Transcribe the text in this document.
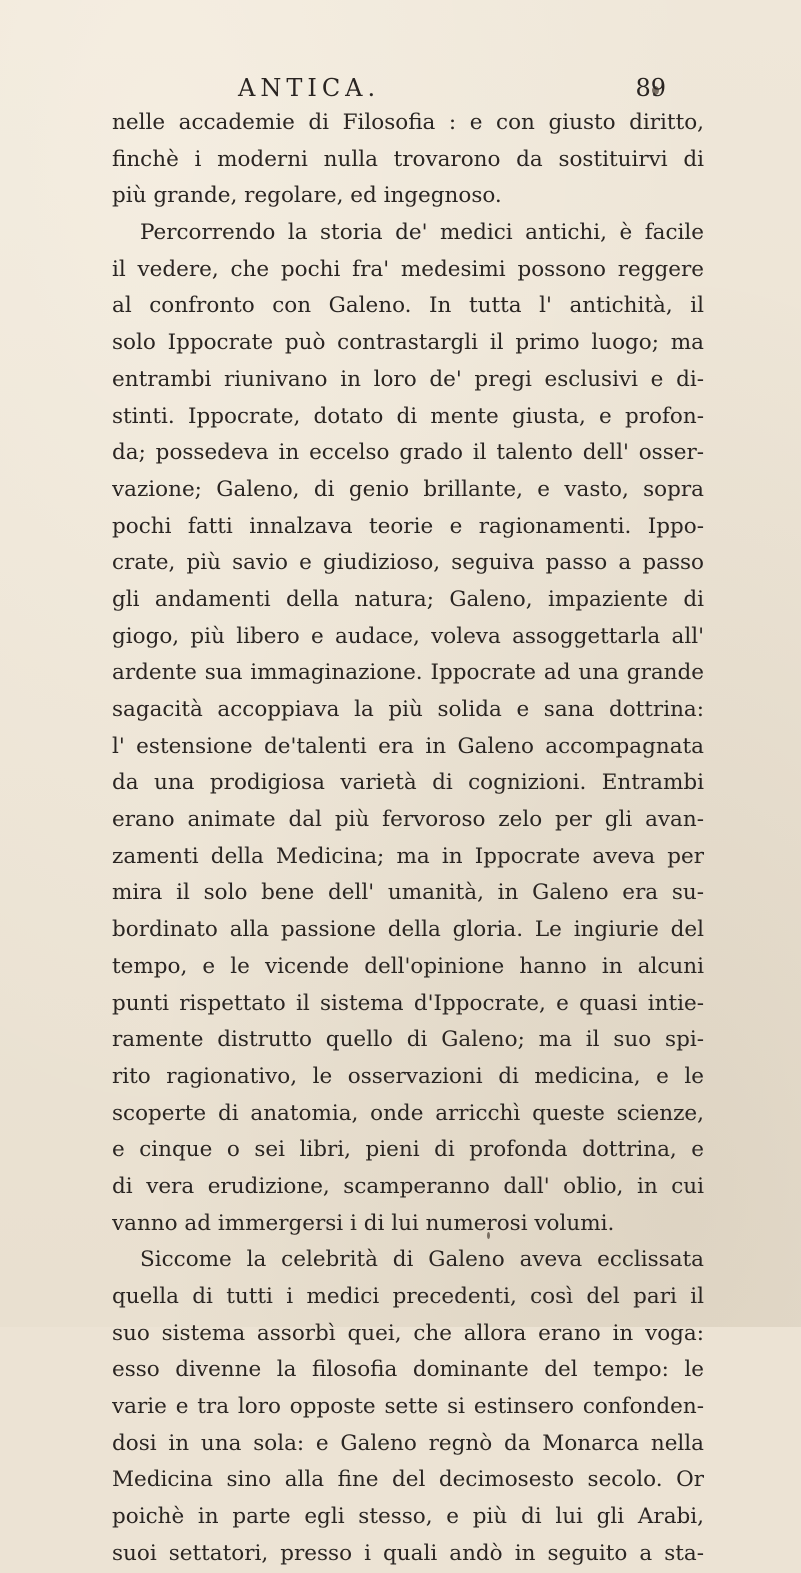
ANTICA.	89
nelle accademie di Filosofia : e con giusto diritto,
finchè i moderni nulla trovarono da sostituirvi di
più grande, regolare, ed ingegnoso.
Percorrendo la storia de' medici antichi, è facile
il vedere, che pochi fra' medesimi possono reggere
al confronto con Galeno. In tutta l' antichità, il
solo Ippocrate può contrastargli il primo luogo; ma
entrambi riunivano in loro de' pregi esclusivi e di-
stinti. Ippocrate, dotato di mente giusta, e profon-
da; possedeva in eccelso grado il talento dell' osser-
vazione; Galeno, di genio brillante, e vasto, sopra
pochi fatti innalzava teorie e ragionamenti. Ippo-
crate, più savio e giudizioso, seguiva passo a passo
gli andamenti della natura; Galeno, impaziente di
giogo, più libero e audace, voleva assoggettarla all'
ardente sua immaginazione. Ippocrate ad una grande
sagacità accoppiava la più solida e sana dottrina:
l' estensione de'talenti era in Galeno accompagnata
da una prodigiosa varietà di cognizioni. Entrambi
erano animate dal più fervoroso zelo per gli avan-
zamenti della Medicina; ma in Ippocrate aveva per
mira il solo bene dell' umanità, in Galeno era su-
bordinato alla passione della gloria. Le ingiurie del
tempo, e le vicende dell'opinione hanno in alcuni
punti rispettato il sistema d'Ippocrate, e quasi intie-
ramente distrutto quello di Galeno; ma il suo spi-
rito ragionativo, le osservazioni di medicina, e le
scoperte di anatomia, onde arricchì queste scienze,
e cinque o sei libri, pieni di profonda dottrina, e
di vera erudizione, scamperanno dall' oblio, in cui
vanno ad immergersi i di lui numerosi volumi.
Siccome la celebrità di Galeno aveva ecclissata
quella di tutti i medici precedenti, così del pari il
suo sistema assorbì quei, che allora erano in voga:
esso divenne la filosofia dominante del tempo: le
varie e tra loro opposte sette si estinsero confonden-
dosi in una sola: e Galeno regnò da Monarca nella
Medicina sino alla fine del decimosesto secolo. Or
poichè in parte egli stesso, e più di lui gli Arabi,
suoi settatori, presso i quali andò in seguito a sta-
